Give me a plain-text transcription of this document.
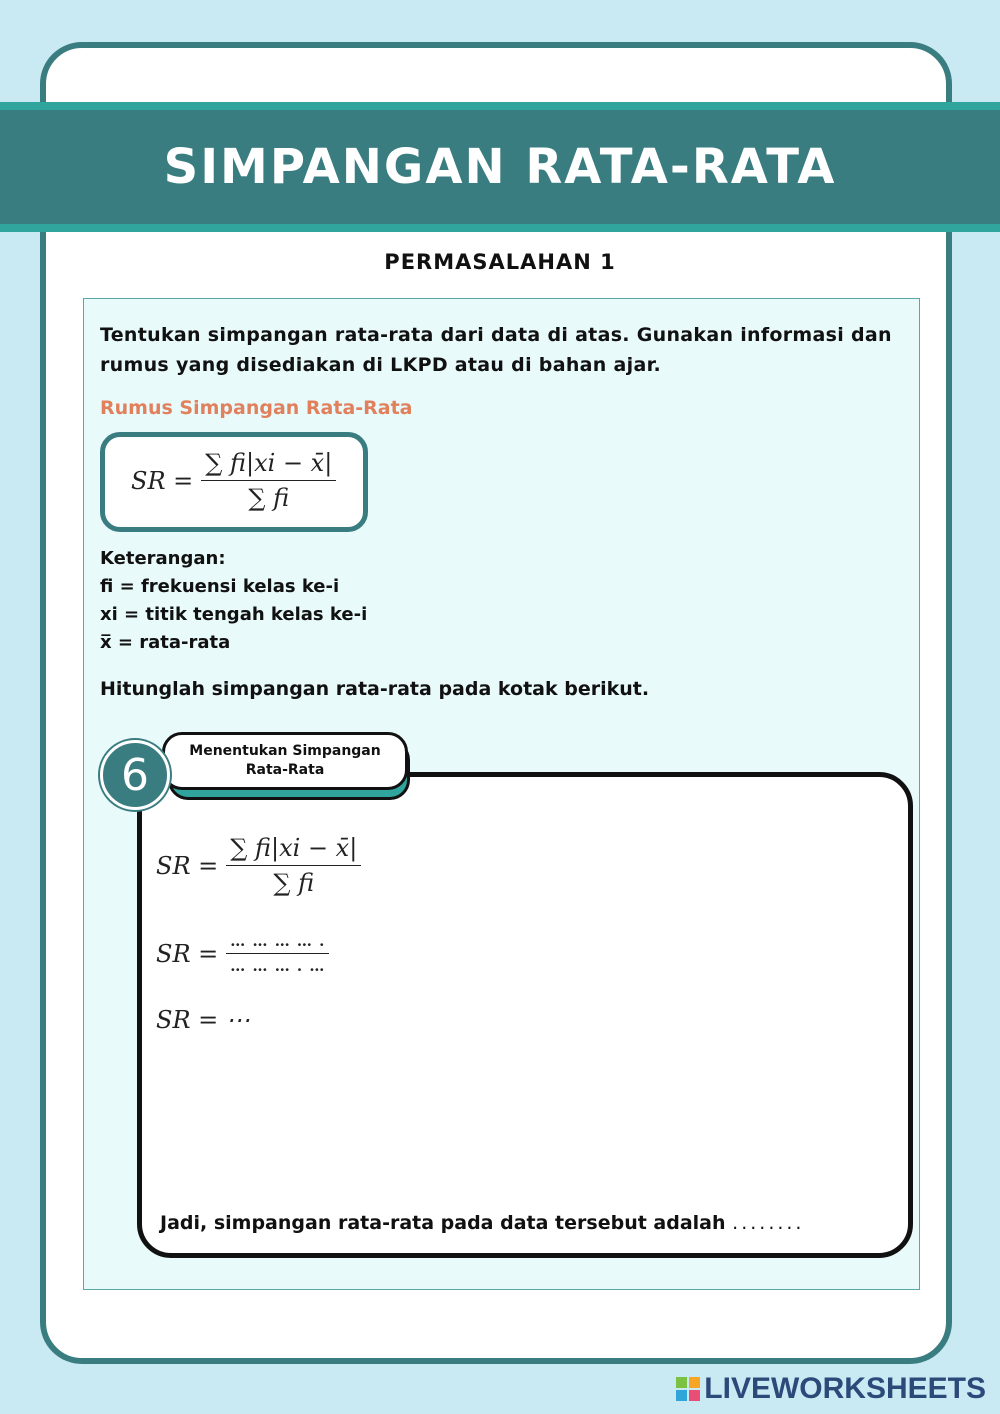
SIMPANGAN RATA-RATA
PERMASALAHAN 1
Tentukan simpangan rata-rata dari data di atas. Gunakan informasi dan
rumus yang disediakan di LKPD atau di bahan ajar.
Rumus Simpangan Rata-Rata
SR = $\frac{\sum fi|xi - x̄|}{\sum fi}$
Keterangan:
fi = frekuensi kelas ke-i
xi = titik tengah kelas ke-i
x̅ = rata-rata
Hitunglah simpangan rata-rata pada kotak berikut.
Menentukan Simpangan
Rata-Rata
6
SR = $\frac{\sum fi|xi - x̄|}{\sum fi}$
SR = $\frac{\dots \dots \dots \dots .}{\dots \dots \dots . \dots}$
SR = ⋯
Jadi, simpangan rata-rata pada data tersebut adalah ........
LIVEWORKSHEETS
